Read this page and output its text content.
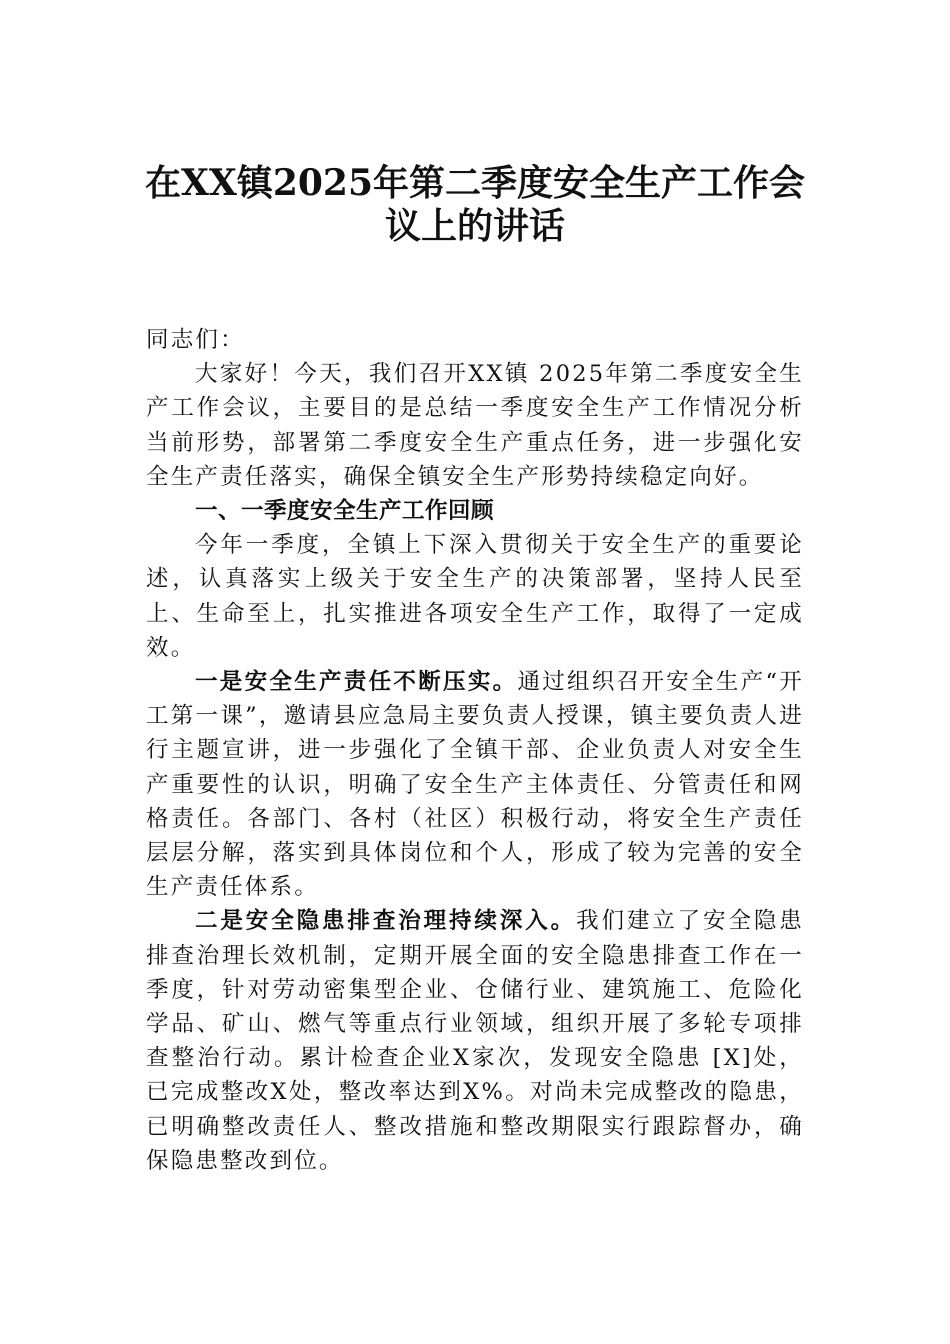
在XX镇2025年第二季度安全生产工作会
议上的讲话

同志们：

大家好！今天，我们召开XX镇 2025年第二季度安全生产工作会议，主要目的是总结一季度安全生产工作情况分析当前形势，部署第二季度安全生产重点任务，进一步强化安全生产责任落实，确保全镇安全生产形势持续稳定向好。

一、一季度安全生产工作回顾

今年一季度，全镇上下深入贯彻关于安全生产的重要论述，认真落实上级关于安全生产的决策部署，坚持人民至上、生命至上，扎实推进各项安全生产工作，取得了一定成效。

一是安全生产责任不断压实。通过组织召开安全生产“开工第一课”，邀请县应急局主要负责人授课，镇主要负责人进行主题宣讲，进一步强化了全镇干部、企业负责人对安全生产重要性的认识，明确了安全生产主体责任、分管责任和网格责任。各部门、各村（社区）积极行动，将安全生产责任层层分解，落实到具体岗位和个人，形成了较为完善的安全生产责任体系。

二是安全隐患排查治理持续深入。我们建立了安全隐患排查治理长效机制，定期开展全面的安全隐患排查工作在一季度，针对劳动密集型企业、仓储行业、建筑施工、危险化学品、矿山、燃气等重点行业领域，组织开展了多轮专项排查整治行动。累计检查企业X家次，发现安全隐患 [X]处，已完成整改X处，整改率达到X%。对尚未完成整改的隐患，已明确整改责任人、整改措施和整改期限实行跟踪督办，确保隐患整改到位。
